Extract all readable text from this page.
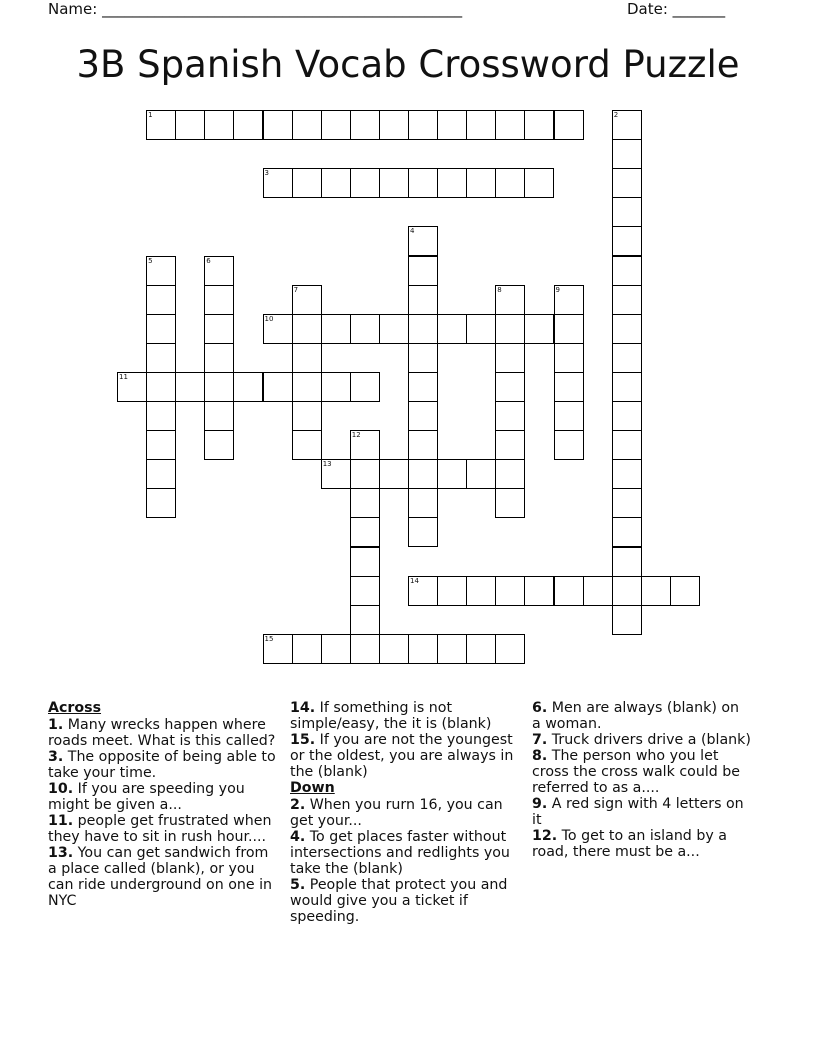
Name: ________________________________________________	Date: _______
3B Spanish Vocab Crossword Puzzle
1	2
3
4
5	6
7	8	9
10
11
12
13
14
15
Across
1. Many wrecks happen where roads meet. What is this called?
3. The opposite of being able to take your time.
10. If you are speeding you might be given a...
11. people get frustrated when they have to sit in rush hour....
13. You can get sandwich from a place called (blank), or you can ride underground on one in NYC
14. If something is not simple/easy, the it is (blank)
15. If you are not the youngest or the oldest, you are always in the (blank)
Down
2. When you rurn 16, you can get your...
4. To get places faster without intersections and redlights you take the (blank)
5. People that protect you and would give you a ticket if speeding.
6. Men are always (blank) on a woman.
7. Truck drivers drive a (blank)
8. The person who you let cross the cross walk could be referred to as a....
9. A red sign with 4 letters on it
12. To get to an island by a road, there must be a...
